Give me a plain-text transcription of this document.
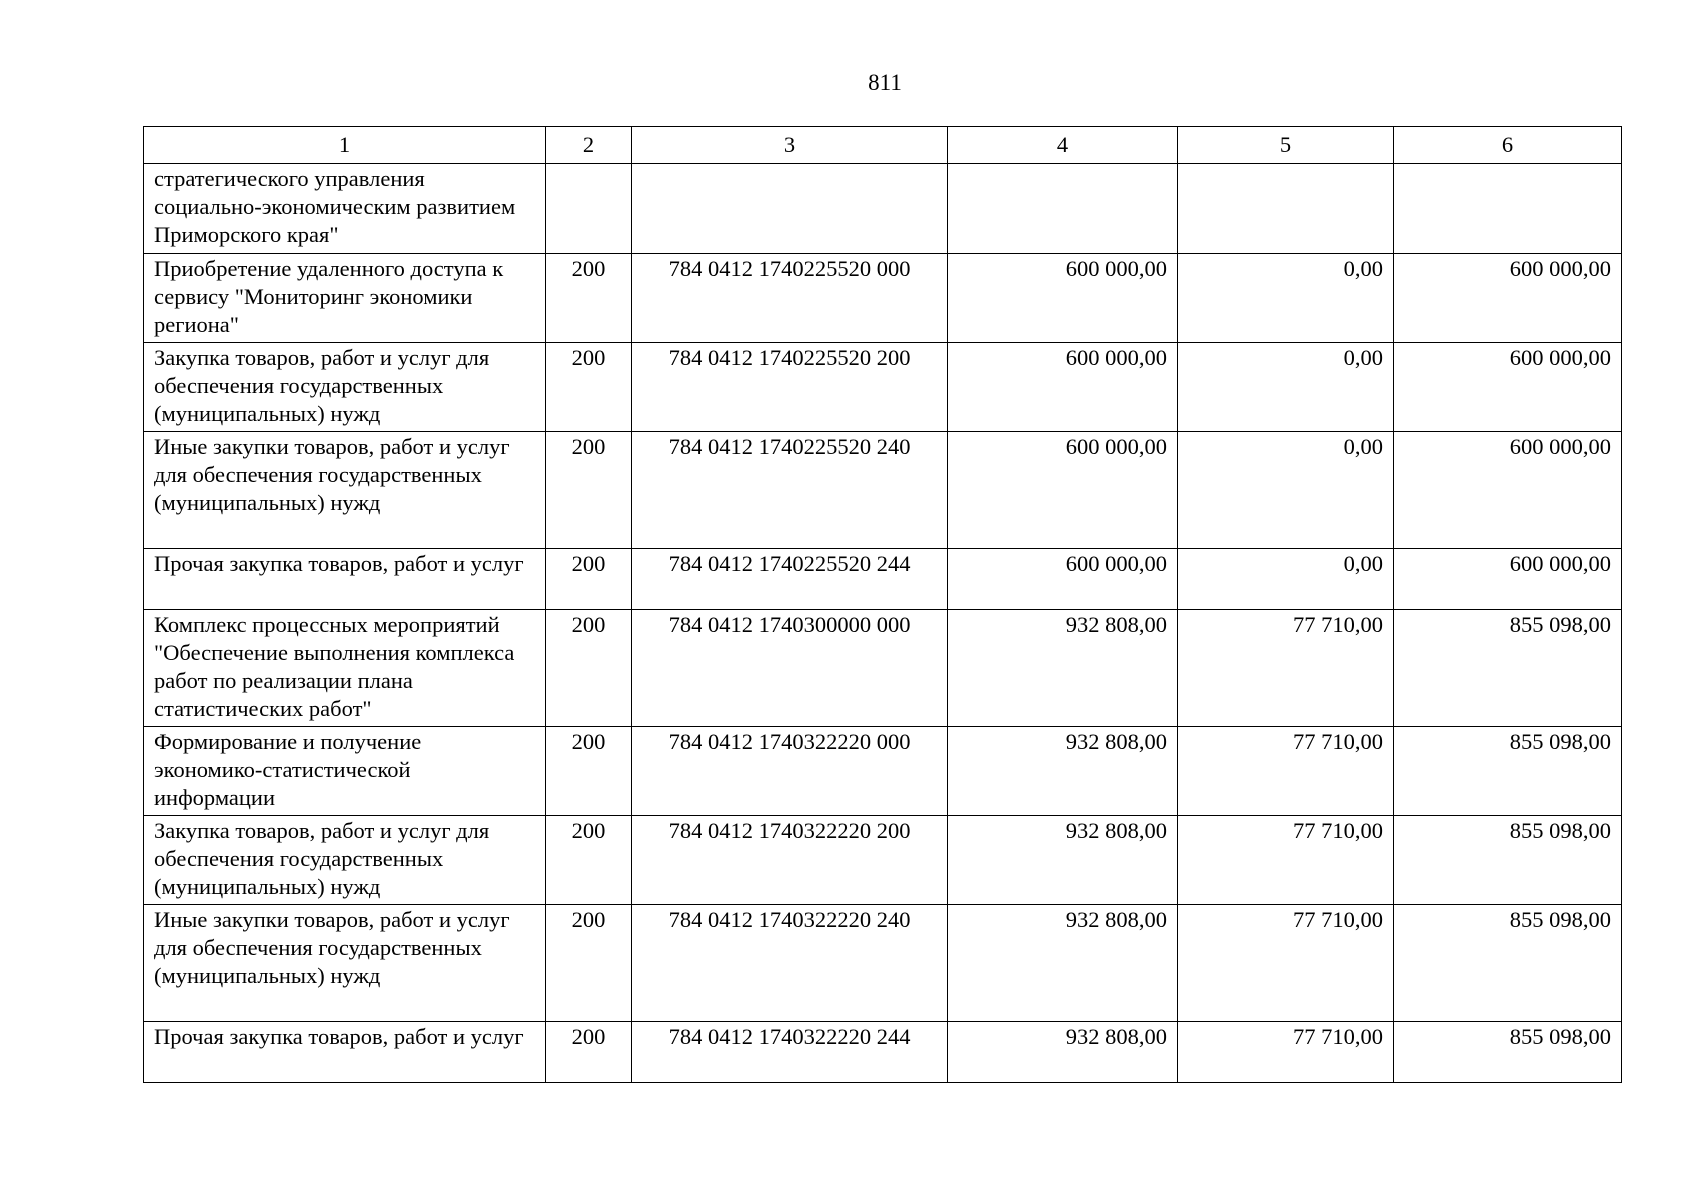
811
1	2	3	4	5	6
стратегического управления социально-экономическим развитием Приморского края"					
Приобретение удаленного доступа к сервису "Мониторинг экономики региона"	200	784 0412 1740225520 000	600 000,00	0,00	600 000,00
Закупка товаров, работ и услуг для обеспечения государственных (муниципальных) нужд	200	784 0412 1740225520 200	600 000,00	0,00	600 000,00
Иные закупки товаров, работ и услуг для обеспечения государственных (муниципальных) нужд	200	784 0412 1740225520 240	600 000,00	0,00	600 000,00
Прочая закупка товаров, работ и услуг	200	784 0412 1740225520 244	600 000,00	0,00	600 000,00
Комплекс процессных мероприятий "Обеспечение выполнения комплекса работ по реализации плана статистических работ"	200	784 0412 1740300000 000	932 808,00	77 710,00	855 098,00
Формирование и получение экономико-статистической информации	200	784 0412 1740322220 000	932 808,00	77 710,00	855 098,00
Закупка товаров, работ и услуг для обеспечения государственных (муниципальных) нужд	200	784 0412 1740322220 200	932 808,00	77 710,00	855 098,00
Иные закупки товаров, работ и услуг для обеспечения государственных (муниципальных) нужд	200	784 0412 1740322220 240	932 808,00	77 710,00	855 098,00
Прочая закупка товаров, работ и услуг	200	784 0412 1740322220 244	932 808,00	77 710,00	855 098,00
